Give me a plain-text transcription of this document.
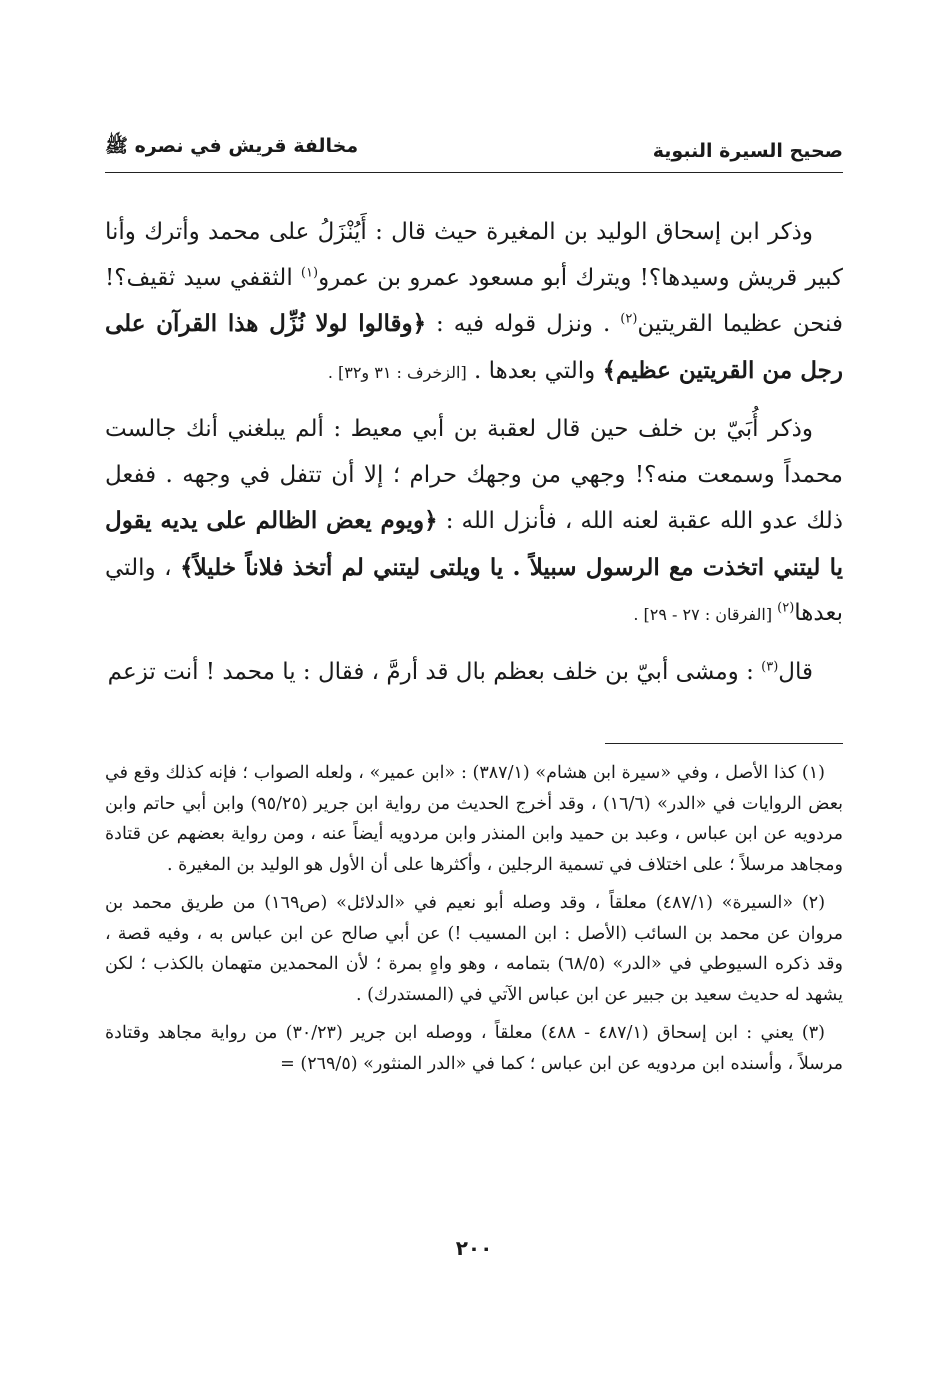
صحيح السيرة النبوية
مخالفة قريش في نصره ﷺ

وذكر ابن إسحاق الوليد بن المغيرة حيث قال : أَيُنْزَلُ على محمد وأترك وأنا كبير قريش وسيدها؟! ويترك أبو مسعود عمرو بن عمرو$^{(١)}$ الثقفي سيد ثقيف؟! فنحن عظيما القريتين$^{(٢)}$ . ونزل قوله فيه : ﴿وقالوا لولا نُزِّل هذا القرآن على رجل من القريتين عظيم﴾ والتي بعدها . [الزخرف : ٣١ و٣٢] .

وذكر أُبَيّ بن خلف حين قال لعقبة بن أبي معيط : ألم يبلغني أنك جالست محمداً وسمعت منه؟! وجهي من وجهك حرام ؛ إلا أن تتفل في وجهه . ففعل ذلك عدو الله عقبة لعنه الله ، فأنزل الله : ﴿ويوم يعض الظالم على يديه يقول يا ليتني اتخذت مع الرسول سبيلاً . يا ويلتى ليتني لم أتخذ فلاناً خليلاً﴾ ، والتي بعدها$^{(٢)}$ [الفرقان : ٢٧ - ٢٩] .

قال$^{(٣)}$ : ومشى أبيّ بن خلف بعظم بال قد أرمَّ ، فقال : يا محمد ! أنت تزعم

(١) كذا الأصل ، وفي «سيرة ابن هشام» (٣٨٧/١) : «ابن عمير» ، ولعله الصواب ؛ فإنه كذلك وقع في بعض الروايات في «الدر» (١٦/٦) ، وقد أخرج الحديث من رواية ابن جرير (٩٥/٢٥) وابن أبي حاتم وابن مردويه عن ابن عباس ، وعبد بن حميد وابن المنذر وابن مردويه أيضاً عنه ، ومن رواية بعضهم عن قتادة ومجاهد مرسلاً ؛ على اختلاف في تسمية الرجلين ، وأكثرها على أن الأول هو الوليد بن المغيرة .

(٢) «السيرة» (٤٨٧/١) معلقاً ، وقد وصله أبو نعيم في «الدلائل» (ص١٦٩) من طريق محمد بن مروان عن محمد بن السائب (الأصل : ابن المسيب !) عن أبي صالح عن ابن عباس به ، وفيه قصة ، وقد ذكره السيوطي في «الدر» (٦٨/٥) بتمامه ، وهو واهٍ بمرة ؛ لأن المحمدين متهمان بالكذب ؛ لكن يشهد له حديث سعيد بن جبير عن ابن عباس الآتي في (المستدرك) .

(٣) يعني : ابن إسحاق (٤٨٧/١ - ٤٨٨) معلقاً ، ووصله ابن جرير (٣٠/٢٣) من رواية مجاهد وقتادة مرسلاً ، وأسنده ابن مردويه عن ابن عباس ؛ كما في «الدر المنثور» (٢٦٩/٥) =

٢٠٠
